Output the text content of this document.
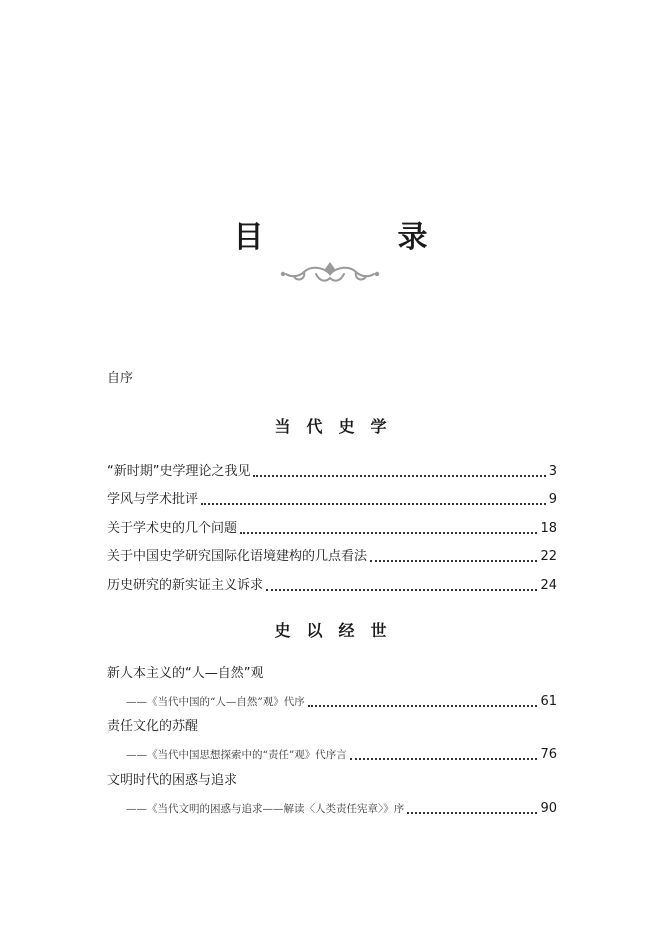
目　录
自序
当代史学
“新时期”史学理论之我见	3
学风与学术批评	9
关于学术史的几个问题	18
关于中国史学研究国际化语境建构的几点看法	22
历史研究的新实证主义诉求	24
史以经世
新人本主义的“人—自然”观
——《当代中国的“人—自然”观》代序	61
责任文化的苏醒
——《当代中国思想探索中的“责任”观》代序言	76
文明时代的困惑与追求
——《当代文明的困惑与追求——解读〈人类责任宪章〉》序	90
